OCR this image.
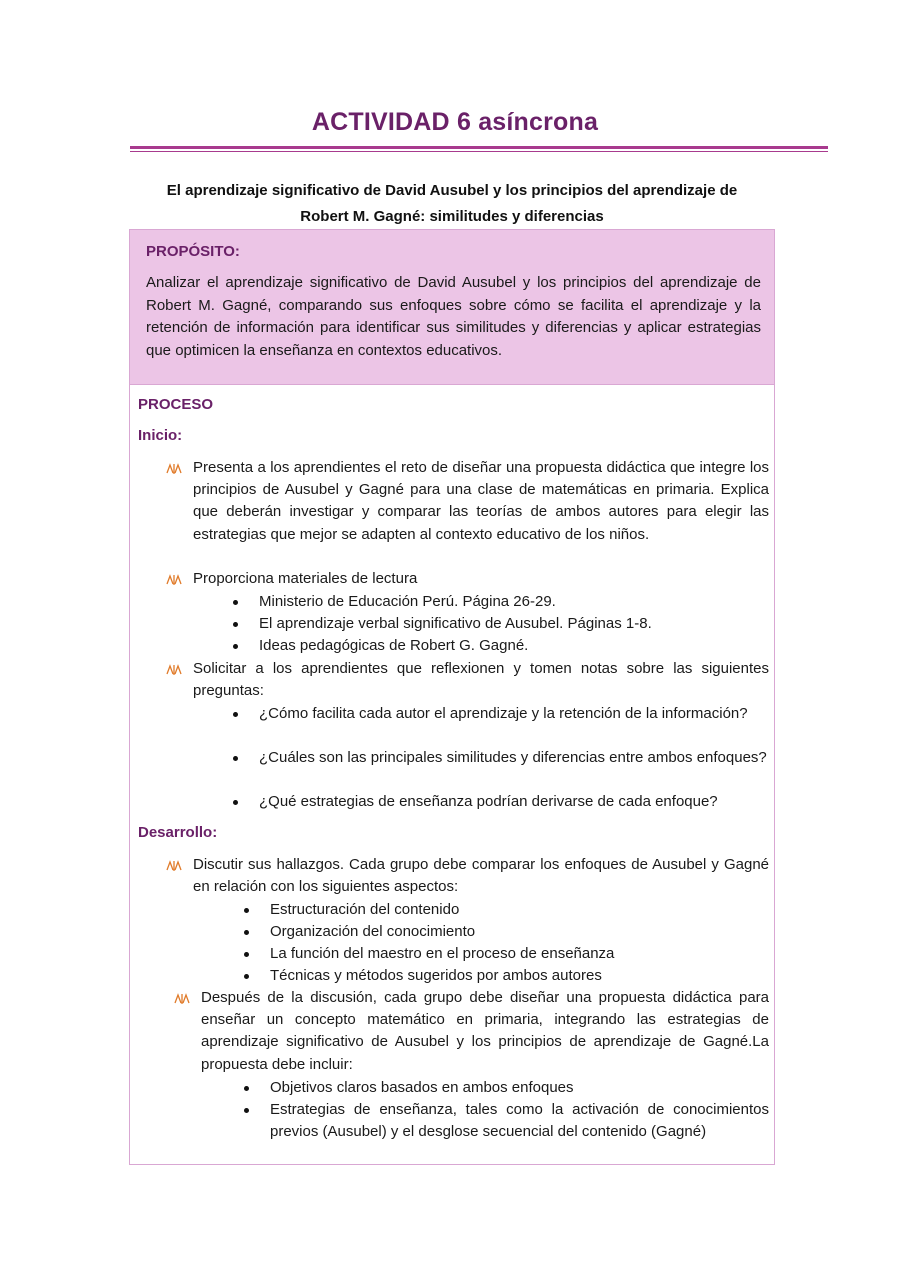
ACTIVIDAD 6 asíncrona
El aprendizaje significativo de David Ausubel y los principios del aprendizaje de
Robert M. Gagné: similitudes y diferencias
PROPÓSITO:
Analizar el aprendizaje significativo de David Ausubel y los principios del aprendizaje de Robert M. Gagné, comparando sus enfoques sobre cómo se facilita el aprendizaje y la retención de información para identificar sus similitudes y diferencias y aplicar estrategias que optimicen la enseñanza en contextos educativos.
PROCESO
Inicio:
Presenta a los aprendientes el reto de diseñar una propuesta didáctica que integre los principios de Ausubel y Gagné para una clase de matemáticas en primaria. Explica que deberán investigar y comparar las teorías de ambos autores para elegir las estrategias que mejor se adapten al contexto educativo de los niños.
Proporciona materiales de lectura
Ministerio de Educación Perú. Página 26-29.
El aprendizaje verbal significativo de Ausubel. Páginas 1-8.
Ideas pedagógicas de Robert G. Gagné.
Solicitar a los aprendientes que reflexionen y tomen notas sobre las siguientes preguntas:
¿Cómo facilita cada autor el aprendizaje y la retención de la información?
¿Cuáles son las principales similitudes y diferencias entre ambos enfoques?
¿Qué estrategias de enseñanza podrían derivarse de cada enfoque?
Desarrollo:
Discutir sus hallazgos. Cada grupo debe comparar los enfoques de Ausubel y Gagné en relación con los siguientes aspectos:
Estructuración del contenido
Organización del conocimiento
La función del maestro en el proceso de enseñanza
Técnicas y métodos sugeridos por ambos autores
Después de la discusión, cada grupo debe diseñar una propuesta didáctica para enseñar un concepto matemático en primaria, integrando las estrategias de aprendizaje significativo de Ausubel y los principios de aprendizaje de Gagné.La propuesta debe incluir:
Objetivos claros basados en ambos enfoques
Estrategias de enseñanza, tales como la activación de conocimientos previos (Ausubel) y el desglose secuencial del contenido (Gagné)
